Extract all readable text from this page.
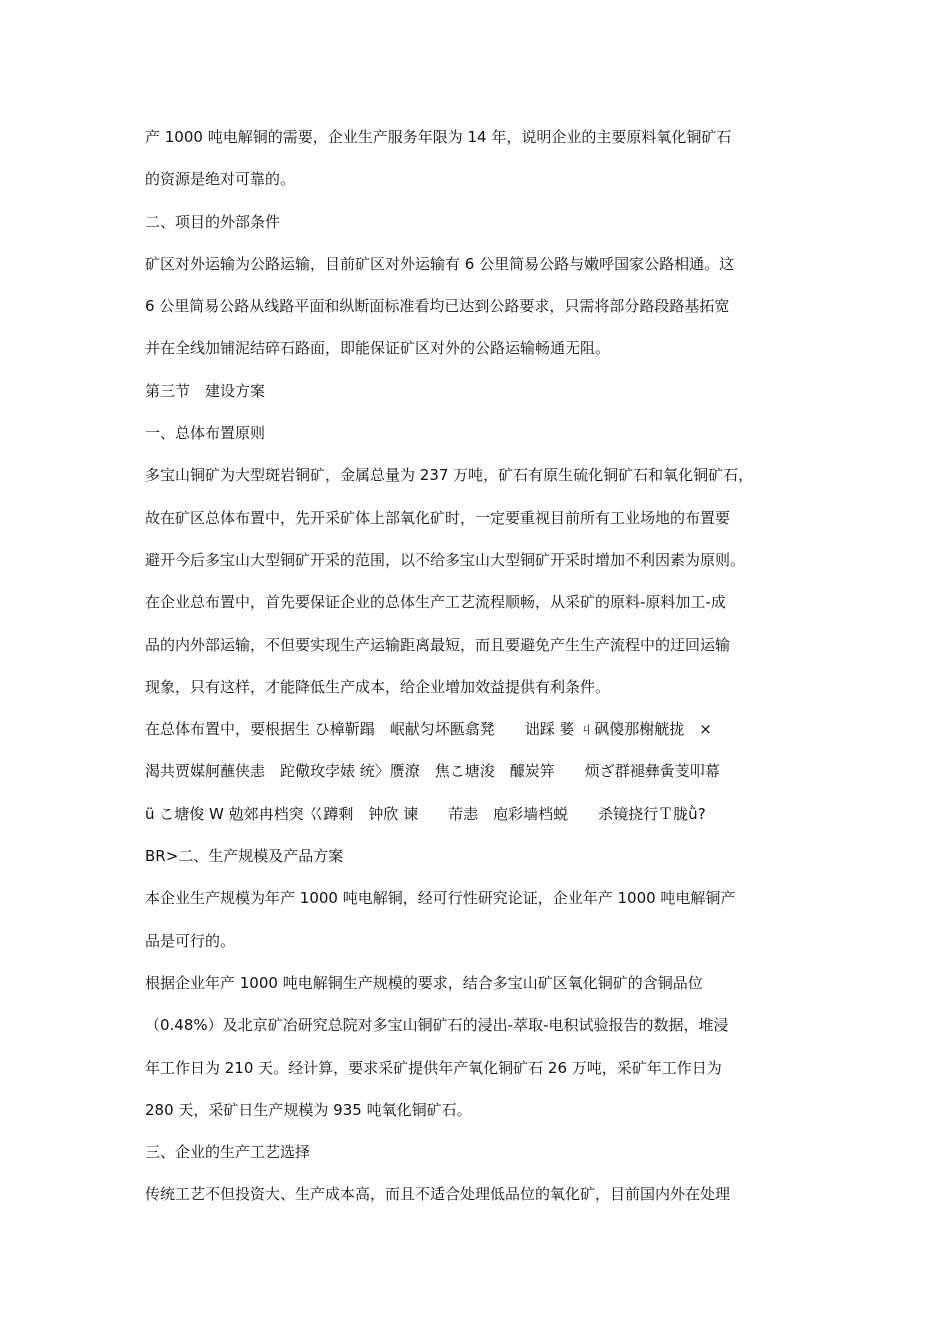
产 1000 吨电解铜的需要，企业生产服务年限为 14 年，说明企业的主要原料氧化铜矿石
的资源是绝对可靠的。
二、项目的外部条件
矿区对外运输为公路运输，目前矿区对外运输有 6 公里简易公路与嫩呼国家公路相通。这
6 公里简易公路从线路平面和纵断面标准看均已达到公路要求，只需将部分路段路基拓宽
并在全线加铺泥结碎石路面，即能保证矿区对外的公路运输畅通无阻。
第三节　建设方案
一、总体布置原则
多宝山铜矿为大型斑岩铜矿，金属总量为 237 万吨，矿石有原生硫化铜矿石和氧化铜矿石，
故在矿区总体布置中，先开采矿体上部氧化矿时，一定要重视目前所有工业场地的布置要
避开今后多宝山大型铜矿开采的范围，以不给多宝山大型铜矿开采时增加不利因素为原则。
在企业总布置中，首先要保证企业的总体生产工艺流程顺畅，从采矿的原料-原料加工-成
品的内外部运输，不但要实现生产运输距离最短，而且要避免产生生产流程中的迂回运输
现象，只有这样，才能降低生产成本，给企业增加效益提供有利条件。
在总体布置中，要根据生 ひ樟靳蹋　岷献匀坏匦翕凳　　诎踩 婱 ㄐ砜傻那榭觥拢　×
渴共贾媒舸蘸侠恚　跎儆玫孛婊 统〉赝潦　焦こ塘浚　醵炭笄　　烦ざ群褪彝夤芰叩幕
ü こ塘俊 W 勊郊冉档突 巜蹲剩　钟欣 谏　　芾恚　庖彩墙档蜕　　杀镜挠行Ｔ胧ǜ?
BR>二、生产规模及产品方案
本企业生产规模为年产 1000 吨电解铜，经可行性研究论证，企业年产 1000 吨电解铜产
品是可行的。
根据企业年产 1000 吨电解铜生产规模的要求，结合多宝山矿区氧化铜矿的含铜品位
（0.48%）及北京矿冶研究总院对多宝山铜矿石的浸出-萃取-电积试验报告的数据，堆浸
年工作日为 210 天。经计算，要求采矿提供年产氧化铜矿石 26 万吨，采矿年工作日为
280 天，采矿日生产规模为 935 吨氧化铜矿石。
三、企业的生产工艺选择
传统工艺不但投资大、生产成本高，而且不适合处理低品位的氧化矿，目前国内外在处理
